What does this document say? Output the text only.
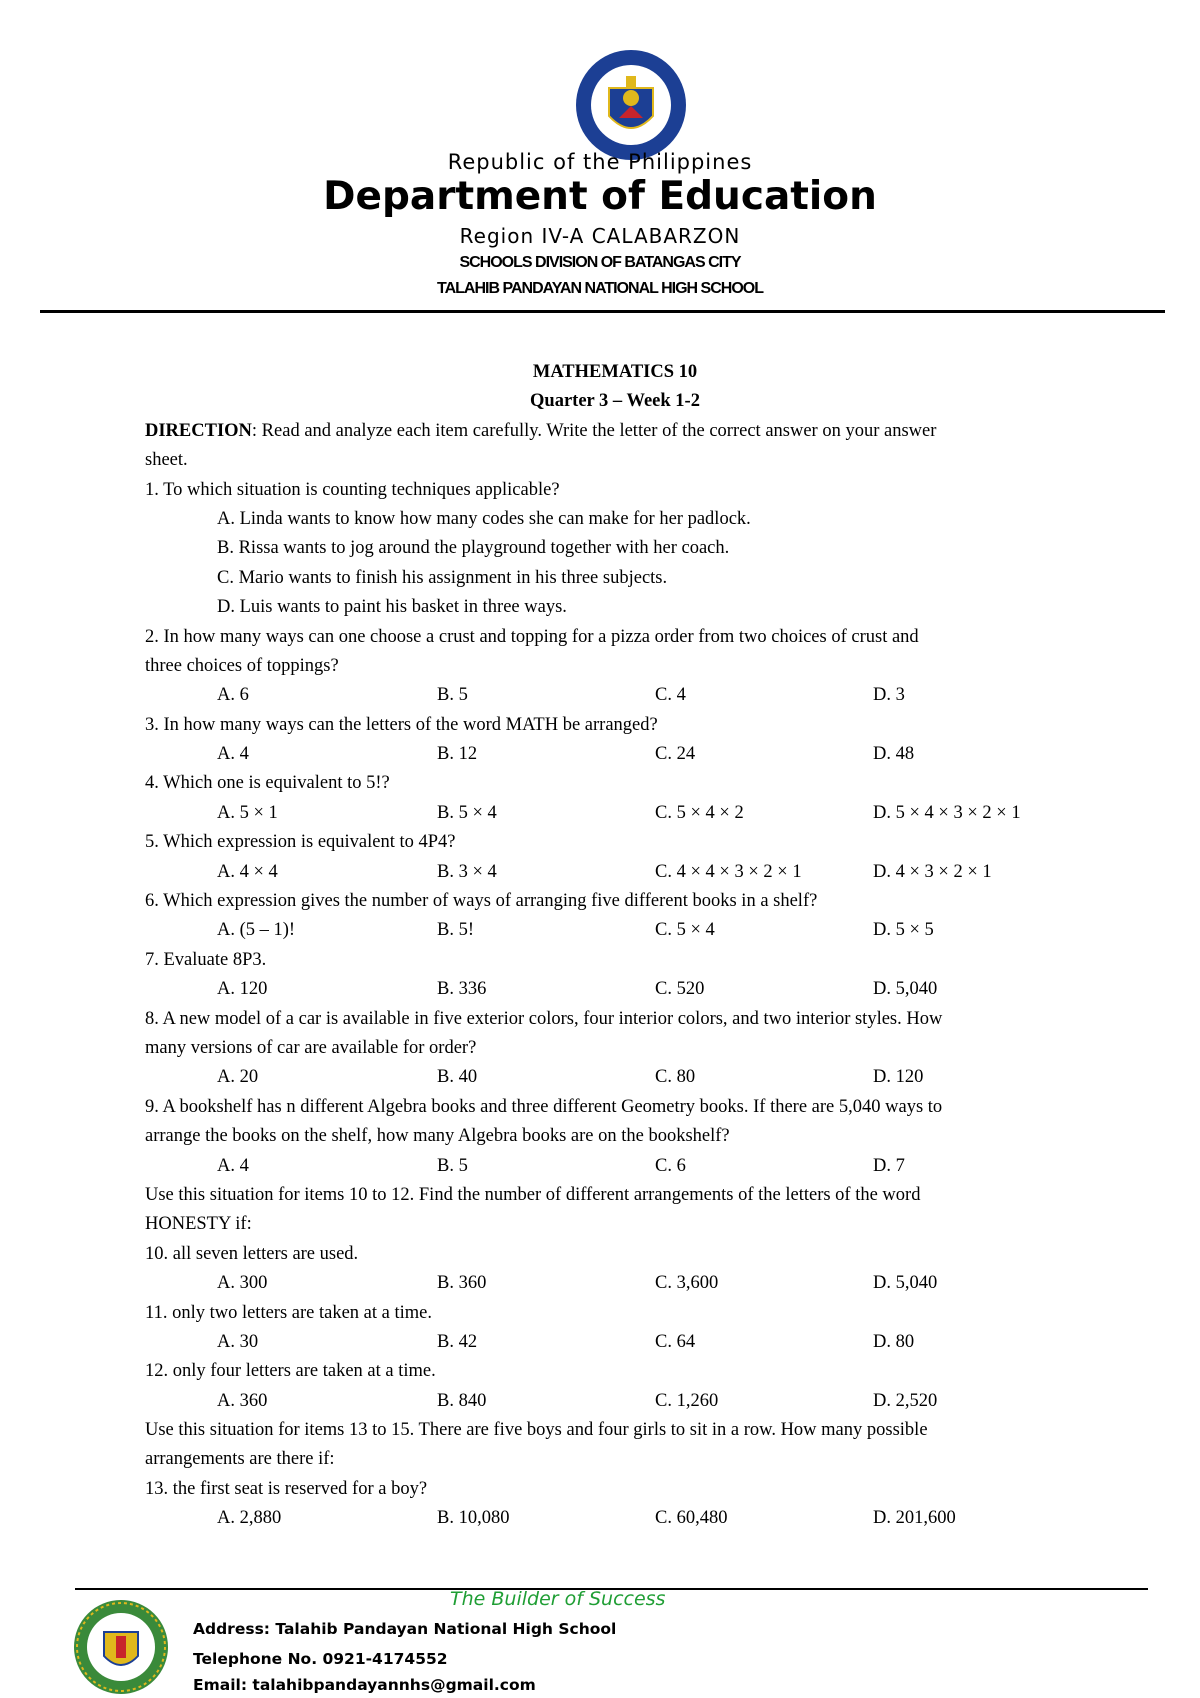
Republic of the Philippines
Department of Education
Region IV-A CALABARZON
SCHOOLS DIVISION OF BATANGAS CITY
TALAHIB PANDAYAN NATIONAL HIGH SCHOOL
MATHEMATICS 10
Quarter 3 – Week 1-2
DIRECTION: Read and analyze each item carefully. Write the letter of the correct answer on your answer
sheet.
1. To which situation is counting techniques applicable?
A. Linda wants to know how many codes she can make for her padlock.
B. Rissa wants to jog around the playground together with her coach.
C. Mario wants to finish his assignment in his three subjects.
D. Luis wants to paint his basket in three ways.
2. In how many ways can one choose a crust and topping for a pizza order from two choices of crust and
three choices of toppings?
A. 6	B. 5	C. 4	D. 3
3. In how many ways can the letters of the word MATH be arranged?
A. 4	B. 12	C. 24	D. 48
4. Which one is equivalent to 5!?
A. 5 × 1	B. 5 × 4	C. 5 × 4 × 2	D. 5 × 4 × 3 × 2 × 1
5. Which expression is equivalent to 4P4?
A. 4 × 4	B. 3 × 4	C. 4 × 4 × 3 × 2 × 1	D. 4 × 3 × 2 × 1
6. Which expression gives the number of ways of arranging five different books in a shelf?
A. (5 – 1)!	B. 5!	C. 5 × 4	D. 5 × 5
7. Evaluate 8P3.
A. 120	B. 336	C. 520	D. 5,040
8. A new model of a car is available in five exterior colors, four interior colors, and two interior styles. How
many versions of car are available for order?
A. 20	B. 40	C. 80	D. 120
9. A bookshelf has n different Algebra books and three different Geometry books. If there are 5,040 ways to
arrange the books on the shelf, how many Algebra books are on the bookshelf?
A. 4	B. 5	C. 6	D. 7
Use this situation for items 10 to 12. Find the number of different arrangements of the letters of the word
HONESTY if:
10. all seven letters are used.
A. 300	B. 360	C. 3,600	D. 5,040
11. only two letters are taken at a time.
A. 30	B. 42	C. 64	D. 80
12. only four letters are taken at a time.
A. 360	B. 840	C. 1,260	D. 2,520
Use this situation for items 13 to 15. There are five boys and four girls to sit in a row. How many possible
arrangements are there if:
13. the first seat is reserved for a boy?
A. 2,880	B. 10,080	C. 60,480	D. 201,600
The Builder of Success
Address: Talahib Pandayan National High School
Telephone No. 0921-4174552
Email: talahibpandayannhs@gmail.com
